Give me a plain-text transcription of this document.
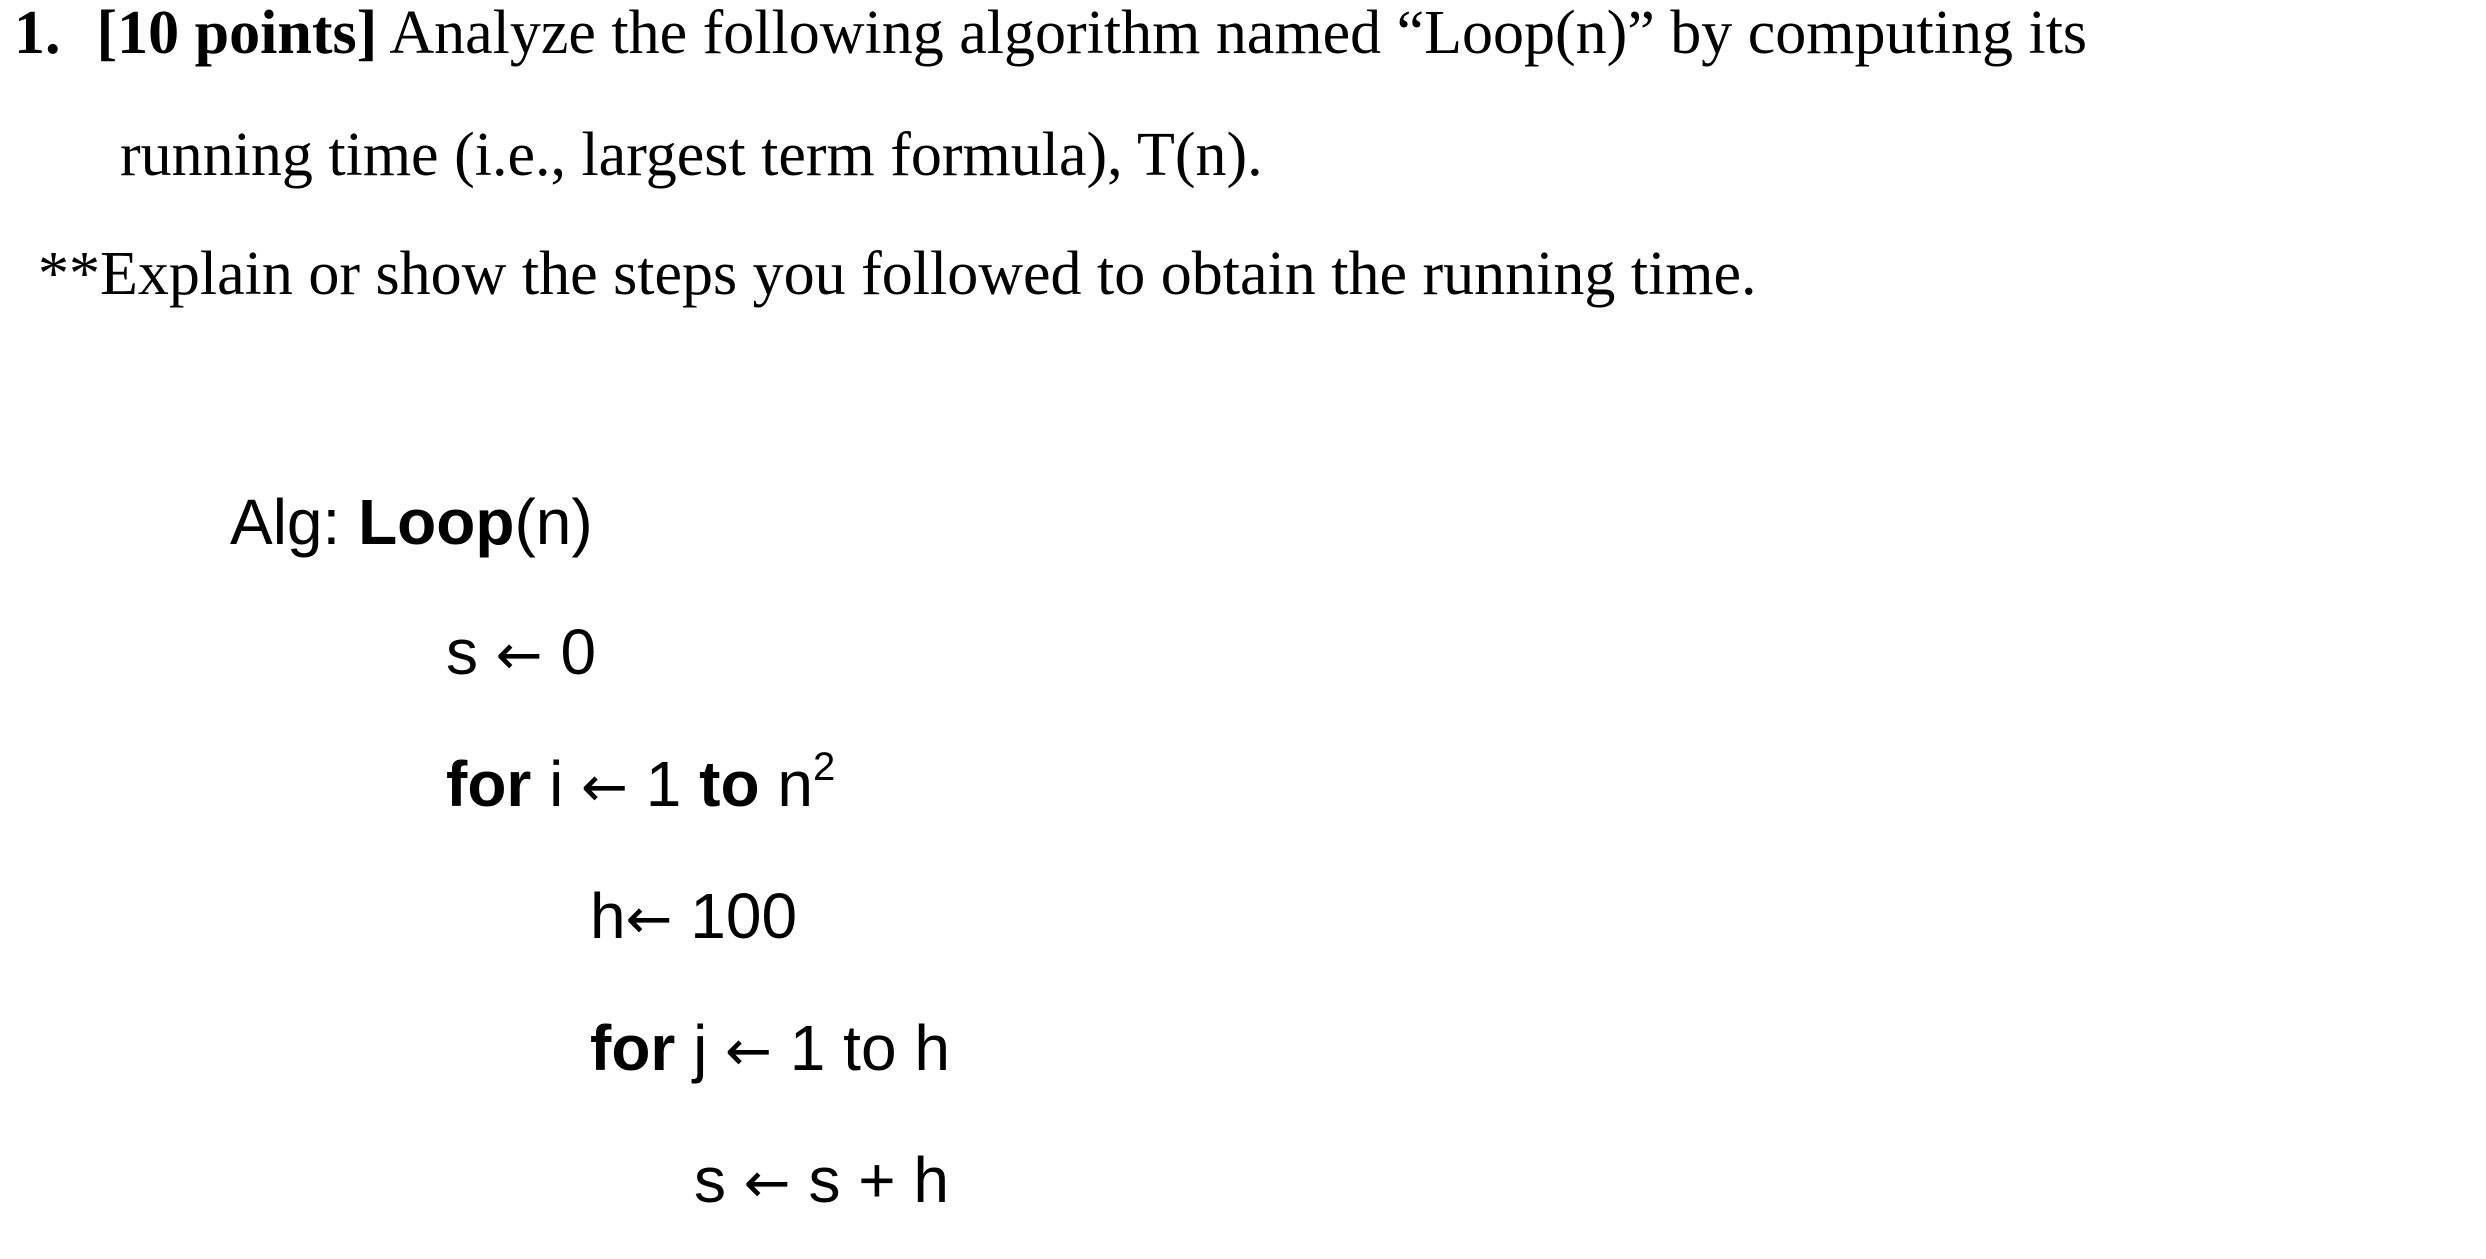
1. [10 points] Analyze the following algorithm named “Loop(n)” by computing its
running time (i.e., largest term formula), T(n).
**Explain or show the steps you followed to obtain the running time.
Alg: Loop(n)
s ← 0
for i ← 1 to $n^2$
h← 100
for j ← 1 to h
s ← s + h
